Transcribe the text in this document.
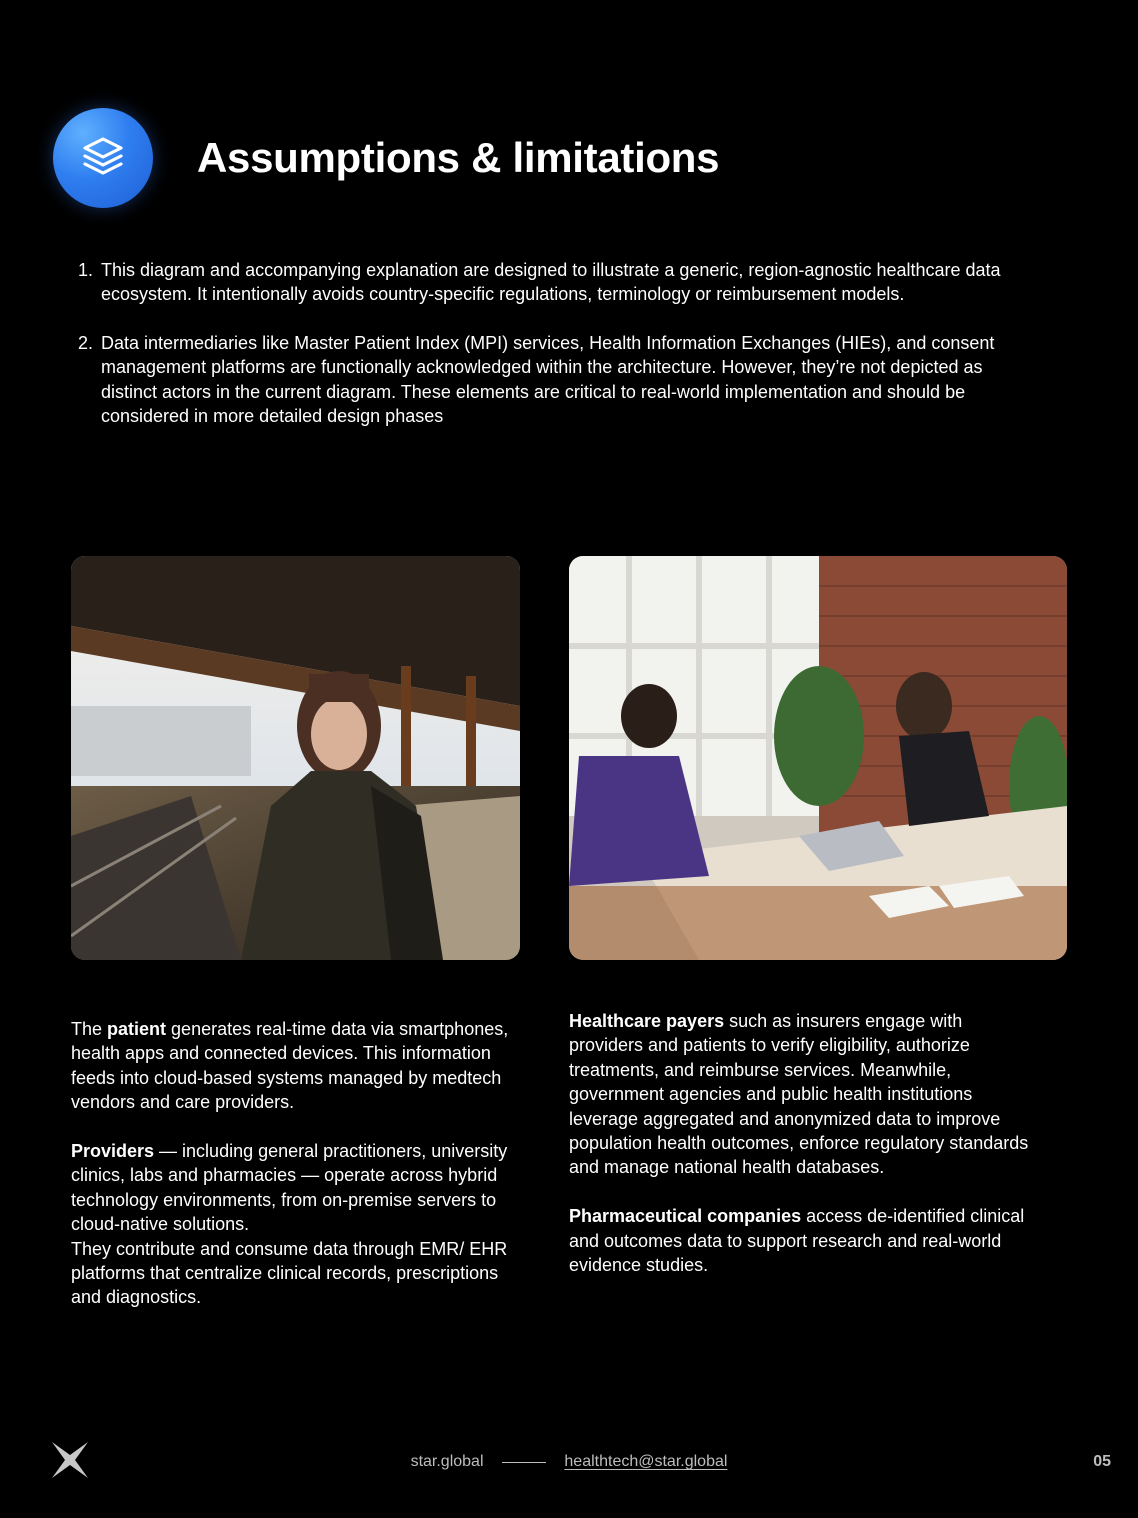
Assumptions & limitations
1. This diagram and accompanying explanation are designed to illustrate a generic, region-agnostic healthcare data ecosystem. It intentionally avoids country-specific regulations, terminology or reimbursement models.
2. Data intermediaries like Master Patient Index (MPI) services, Health Information Exchanges (HIEs), and consent management platforms are functionally acknowledged within the architecture. However, they’re not depicted as distinct actors in the current diagram. These elements are critical to real-world implementation and should be considered in more detailed design phases

The patient generates real-time data via smartphones, health apps and connected devices. This information feeds into cloud-based systems managed by medtech vendors and care providers.

Providers — including general practitioners, university clinics, labs and pharmacies — operate across hybrid technology environments, from on-premise servers to cloud-native solutions.

They contribute and consume data through EMR/ EHR platforms that centralize clinical records, prescriptions and diagnostics.

Healthcare payers such as insurers engage with providers and patients to verify eligibility, authorize treatments, and reimburse services. Meanwhile, government agencies and public health institutions leverage aggregated and anonymized data to improve population health outcomes, enforce regulatory standards and manage national health databases.

Pharmaceutical companies access de-identified clinical and outcomes data to support research and real-world evidence studies.

star.global	healthtech@star.global	05
